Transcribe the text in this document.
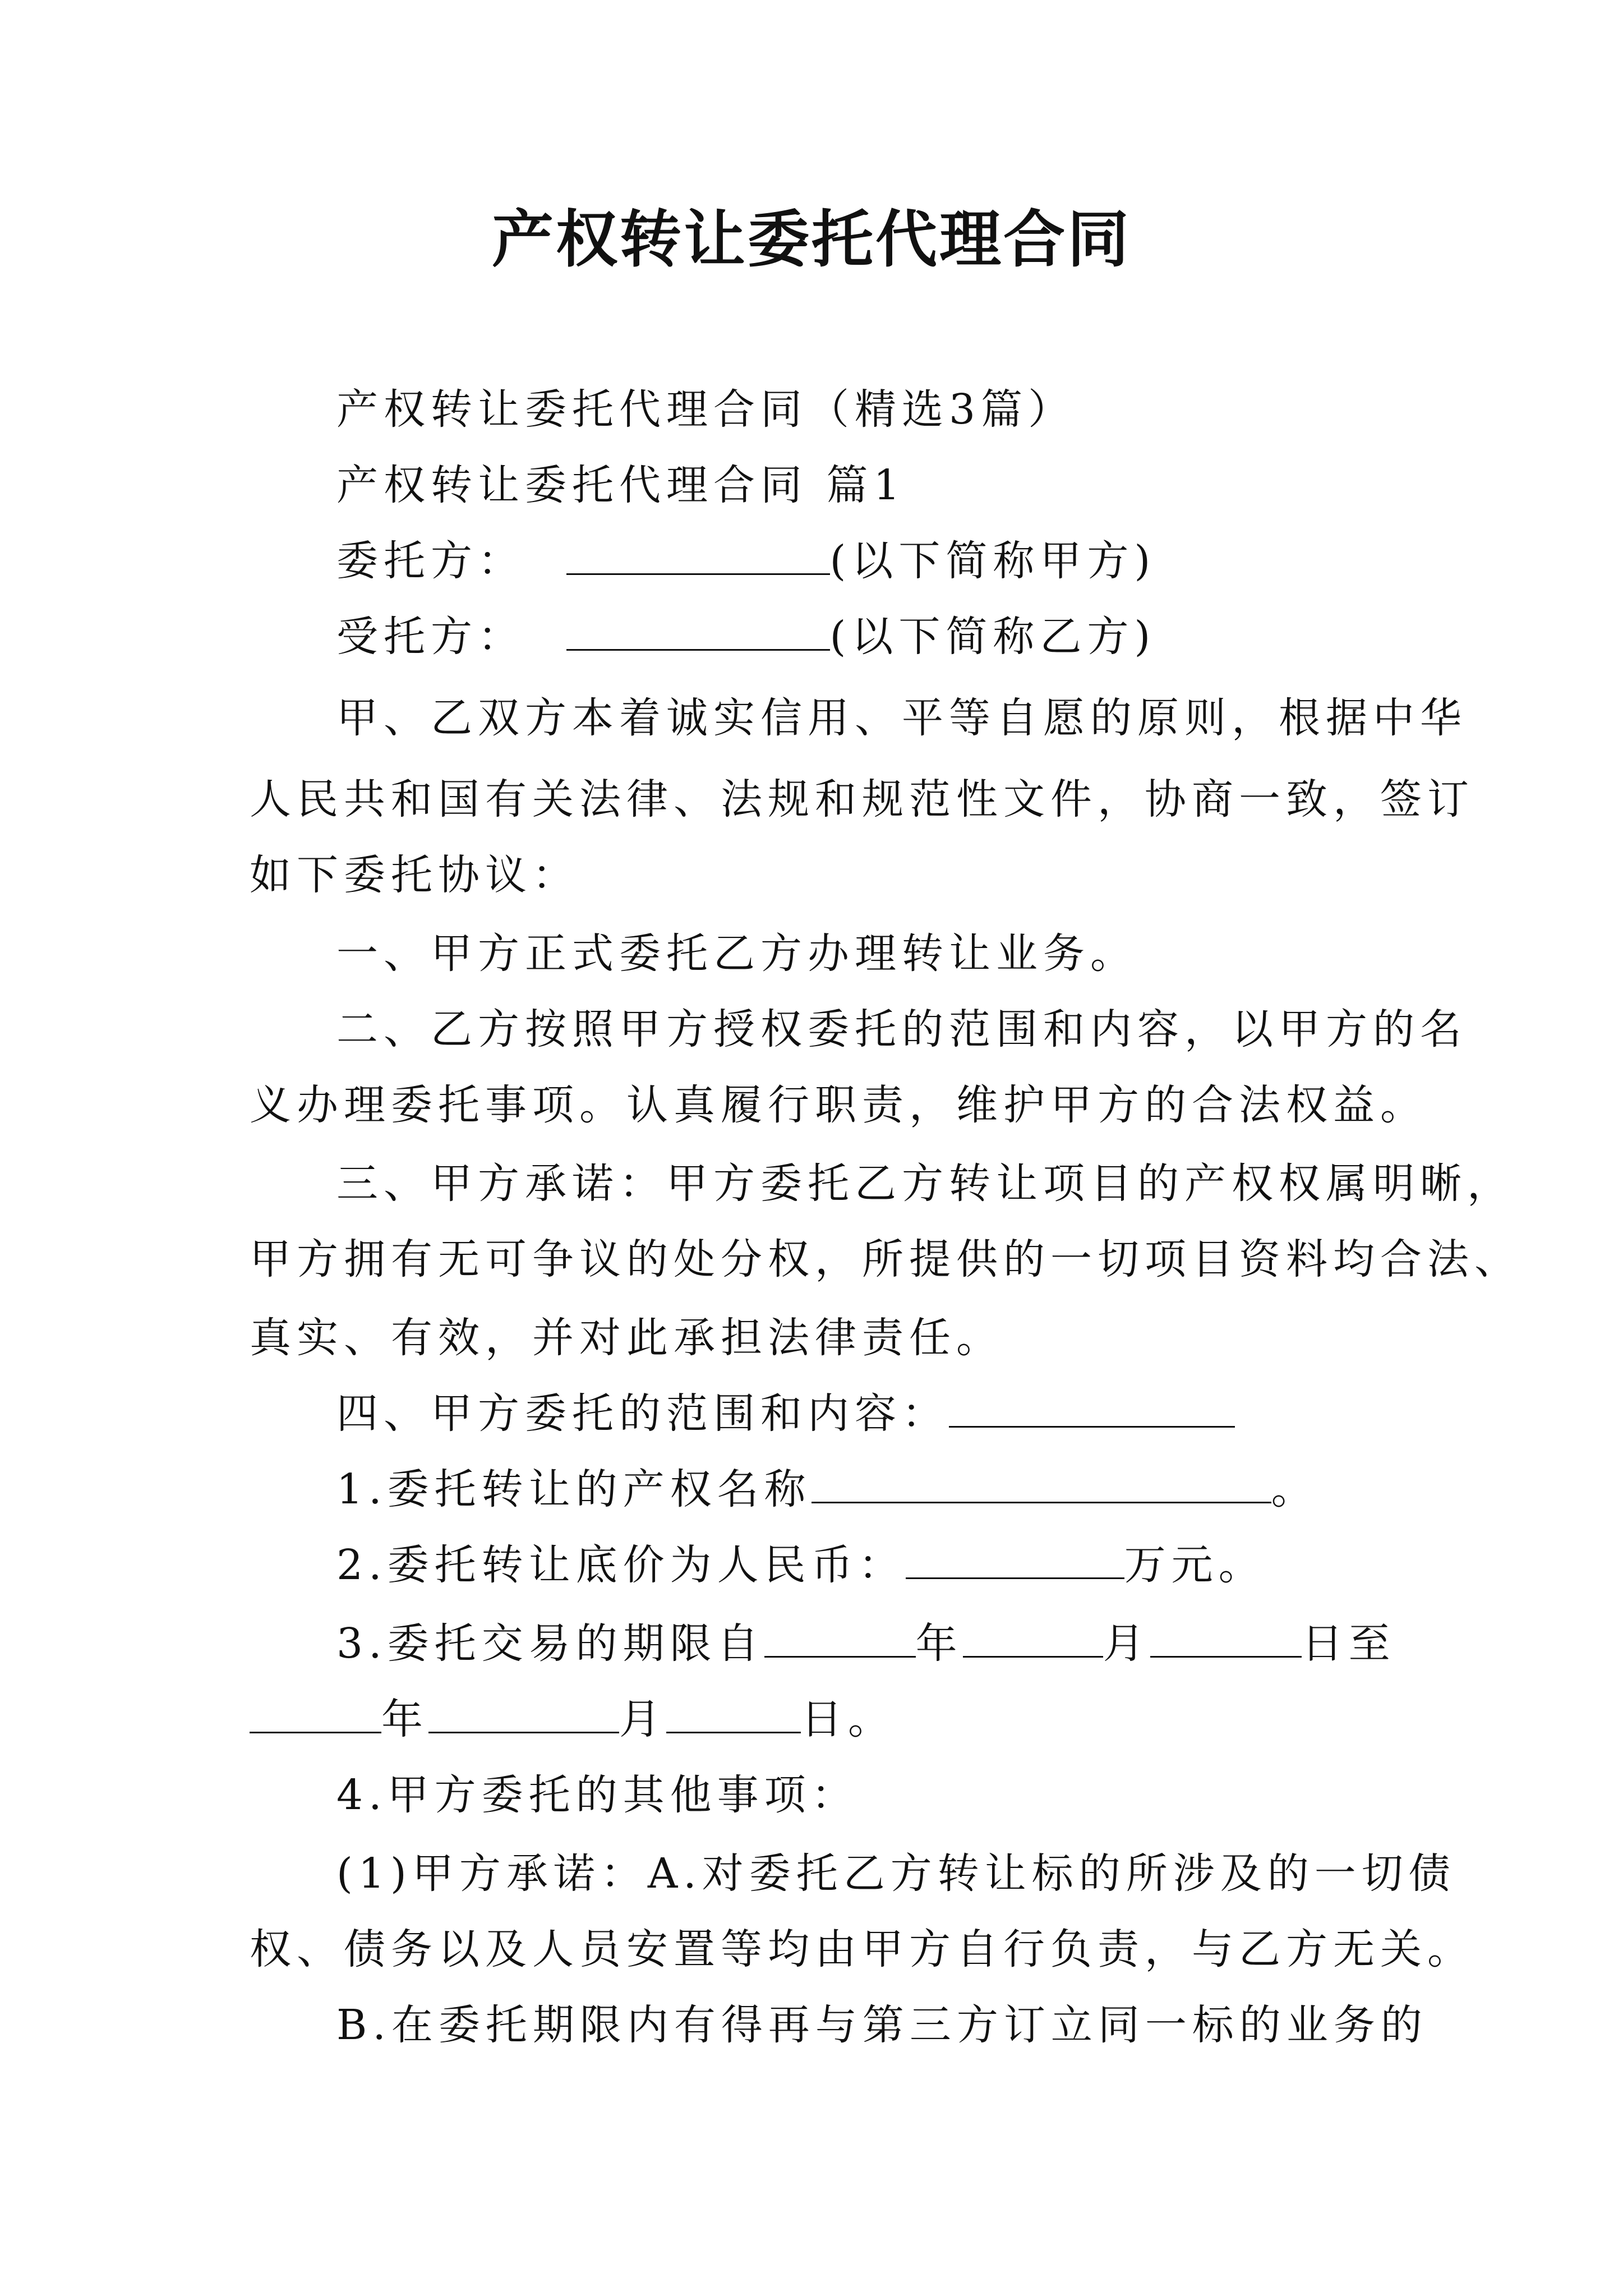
产权转让委托代理合同
产权转让委托代理合同（精选3篇）
产权转让委托代理合同 篇1
委托方：	(以下简称甲方)
受托方：	(以下简称乙方)
甲、乙双方本着诚实信用、平等自愿的原则，根据中华
人民共和国有关法律、法规和规范性文件，协商一致，签订
如下委托协议：
一、甲方正式委托乙方办理转让业务。
二、乙方按照甲方授权委托的范围和内容，以甲方的名
义办理委托事项。认真履行职责，维护甲方的合法权益。
三、甲方承诺：甲方委托乙方转让项目的产权权属明晰，
甲方拥有无可争议的处分权，所提供的一切项目资料均合法、
真实、有效，并对此承担法律责任。
四、甲方委托的范围和内容：
1.委托转让的产权名称	。
2.委托转让底价为人民币：	万元。
3.委托交易的期限自	年	月	日至
年	月	日。
4.甲方委托的其他事项：
(1)甲方承诺：A.对委托乙方转让标的所涉及的一切债
权、债务以及人员安置等均由甲方自行负责，与乙方无关。
B.在委托期限内有得再与第三方订立同一标的业务的
